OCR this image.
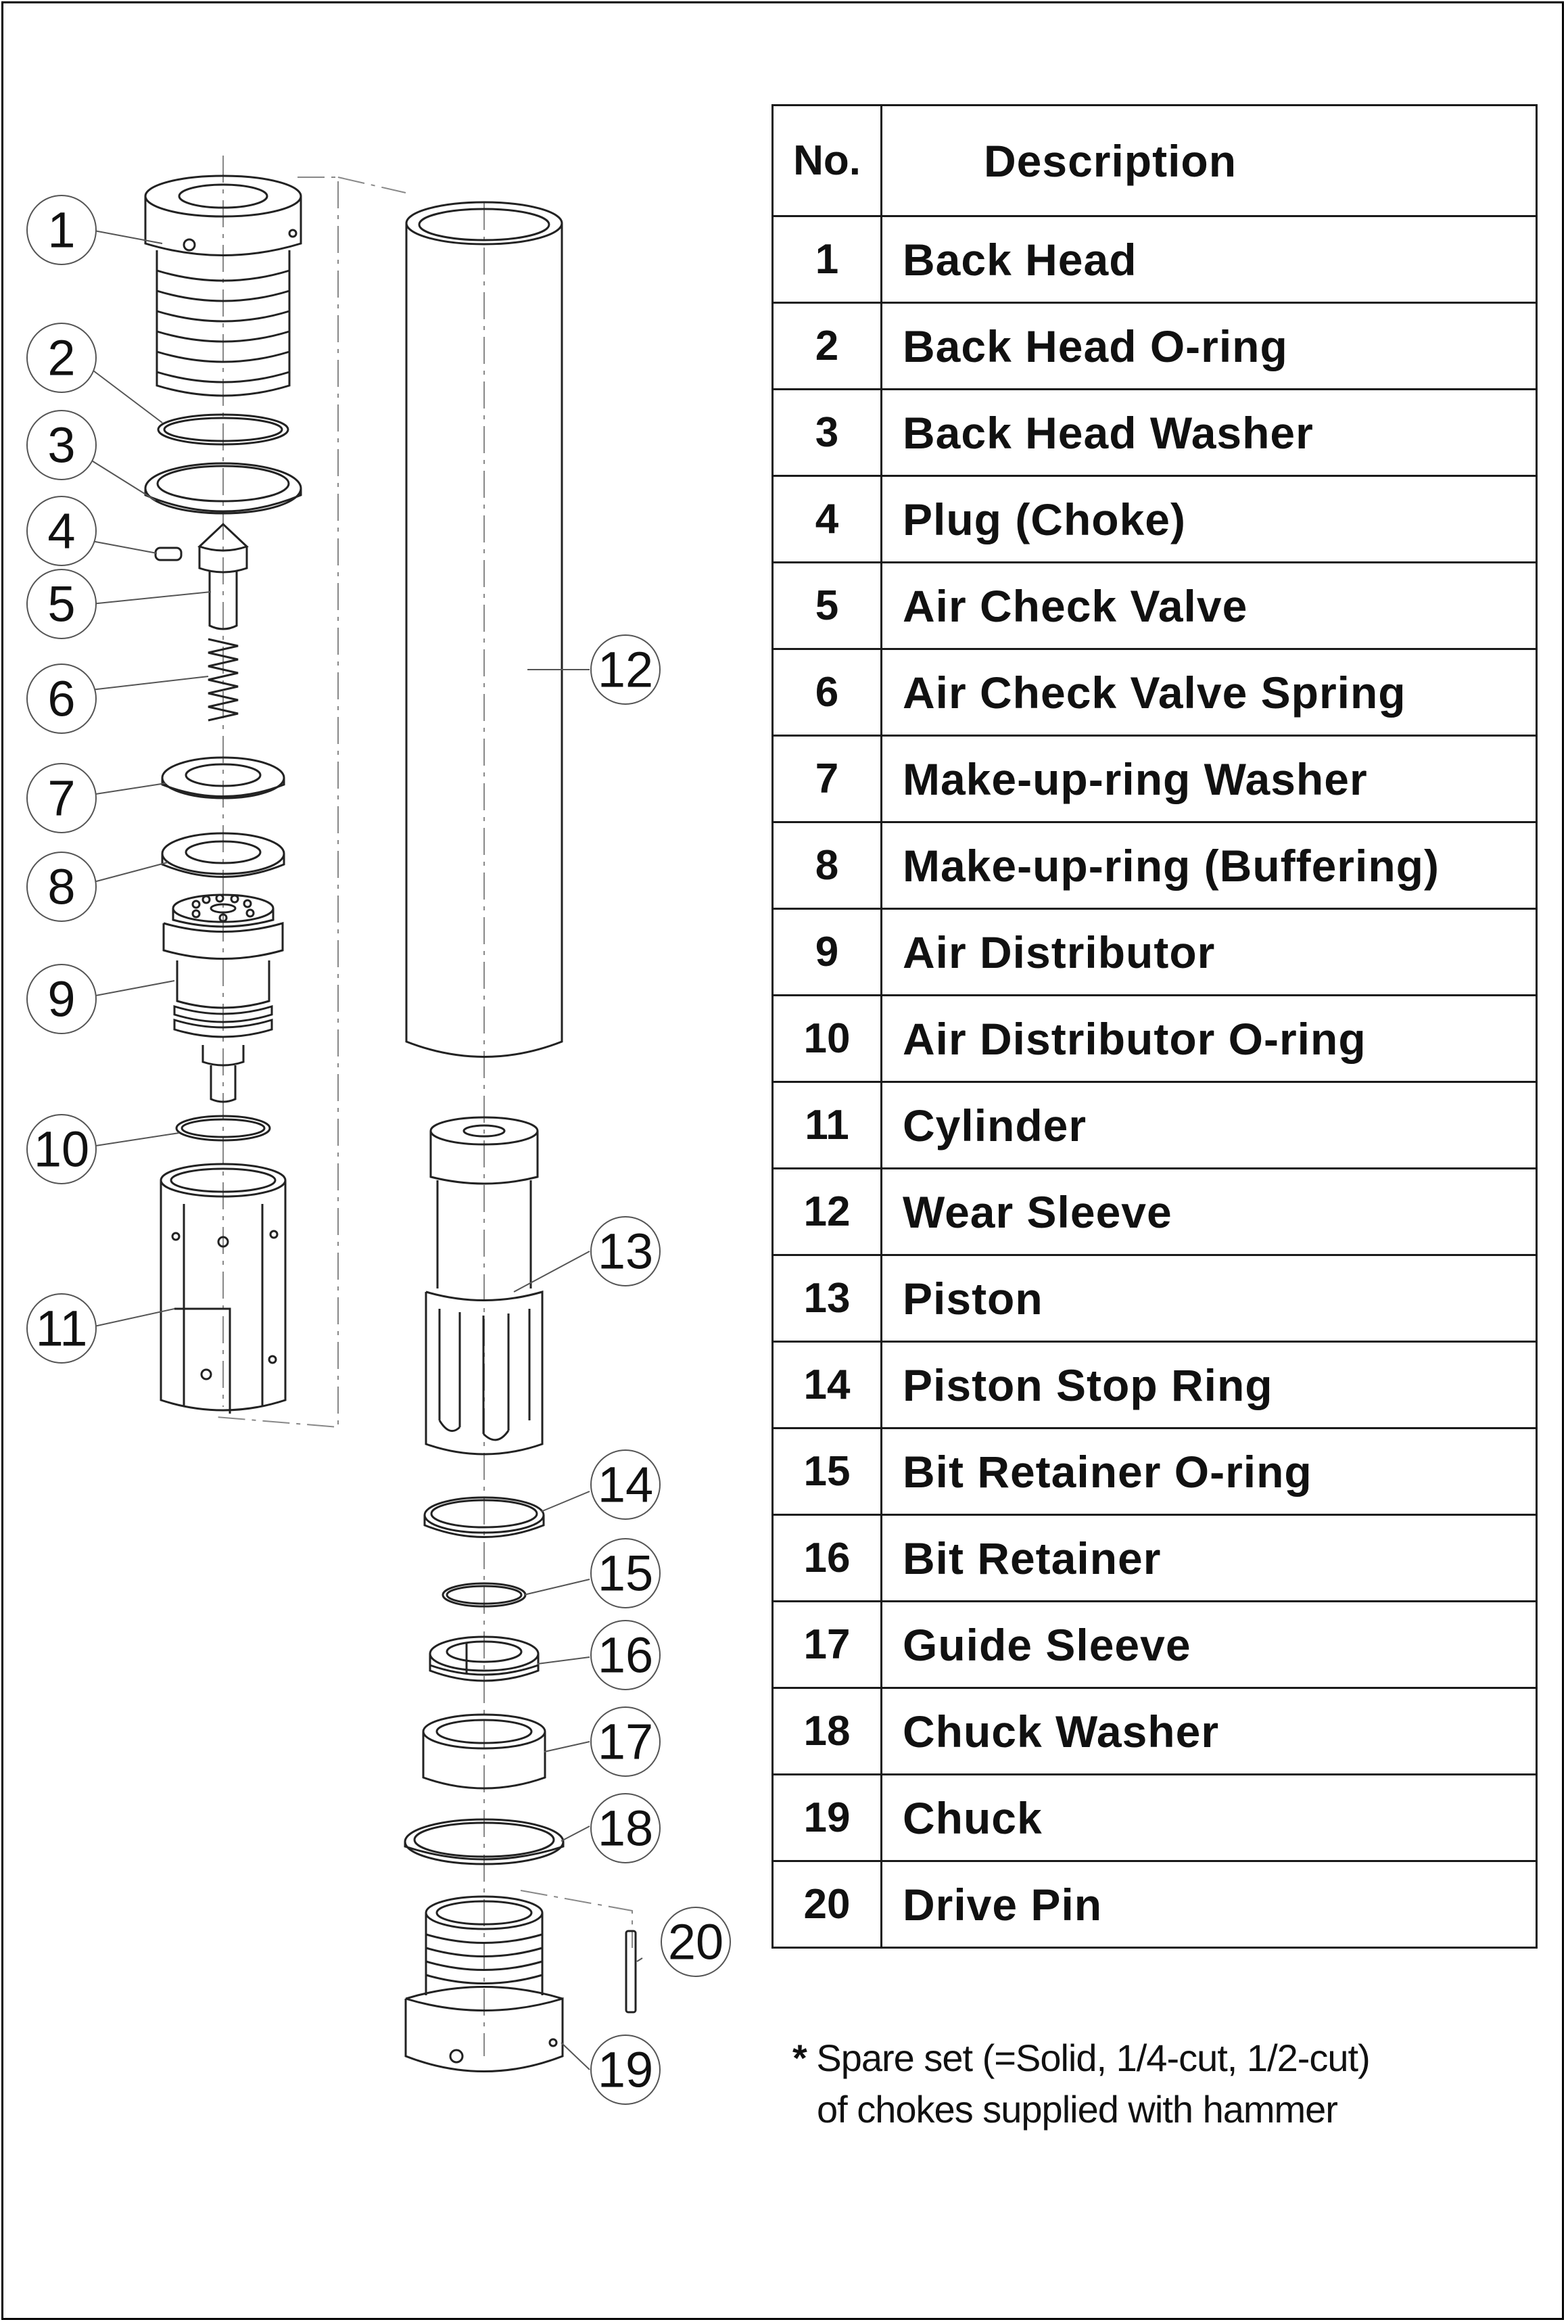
1
2
3
4
5
6
7
8
9
10
11
12
13
14
15
16
17
18
20
19
No.	Description
1	Back Head
2	Back Head O-ring
3	Back Head Washer
4	Plug (Choke)
5	Air Check Valve
6	Air Check Valve Spring
7	Make-up-ring Washer
8	Make-up-ring (Buffering)
9	Air Distributor
10	Air Distributor O-ring
11	Cylinder
12	Wear Sleeve
13	Piston
14	Piston Stop Ring
15	Bit Retainer O-ring
16	Bit Retainer
17	Guide Sleeve
18	Chuck Washer
19	Chuck
20	Drive Pin
* Spare set (=Solid, 1/4-cut, 1/2-cut)
of chokes supplied with hammer
